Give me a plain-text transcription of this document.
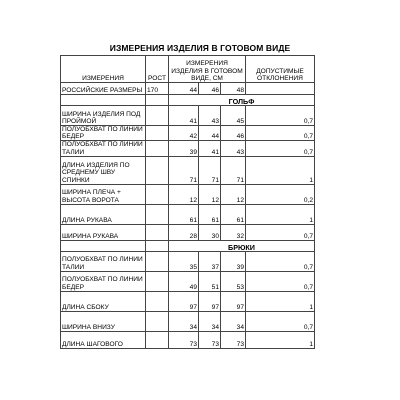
ИЗМЕРЕНИЯ ИЗДЕЛИЯ В ГОТОВОМ ВИДЕ
ИЗМЕРЕНИЯ	РОСТ	ИЗМЕРЕНИЯ ИЗДЕЛИЯ В ГОТОВОМ ВИДЕ, СМ			ДОПУСТИМЫЕ ОТКЛОНЕНИЯ
РОССИЙСКИЕ РАЗМЕРЫ	170	44	46	48	
		ГОЛЬФ			
ШИРИНА ИЗДЕЛИЯ ПОД ПРОЙМОЙ		41	43	45	0,7
ПОЛУОБХВАТ ПО ЛИНИИ БЕДЕР		42	44	46	0,7
ПОЛУОБХВАТ ПО ЛИНИИ ТАЛИИ		39	41	43	0,7
ДЛИНА ИЗДЕЛИЯ ПО СРЕДНЕМУ ШВУ СПИНКИ		71	71	71	1
ШИРИНА ПЛЕЧА + ВЫСОТА ВОРОТА		12	12	12	0,2
ДЛИНА РУКАВА		61	61	61	1
ШИРИНА РУКАВА		28	30	32	0,7
		БРЮКИ			
ПОЛУОБХВАТ ПО ЛИНИИ ТАЛИИ		35	37	39	0,7
ПОЛУОБХВАТ ПО ЛИНИИ БЕДЕР		49	51	53	0,7
ДЛИНА СБОКУ		97	97	97	1
ШИРИНА ВНИЗУ		34	34	34	0,7
ДЛИНА ШАГОВОГО		73	73	73	1
